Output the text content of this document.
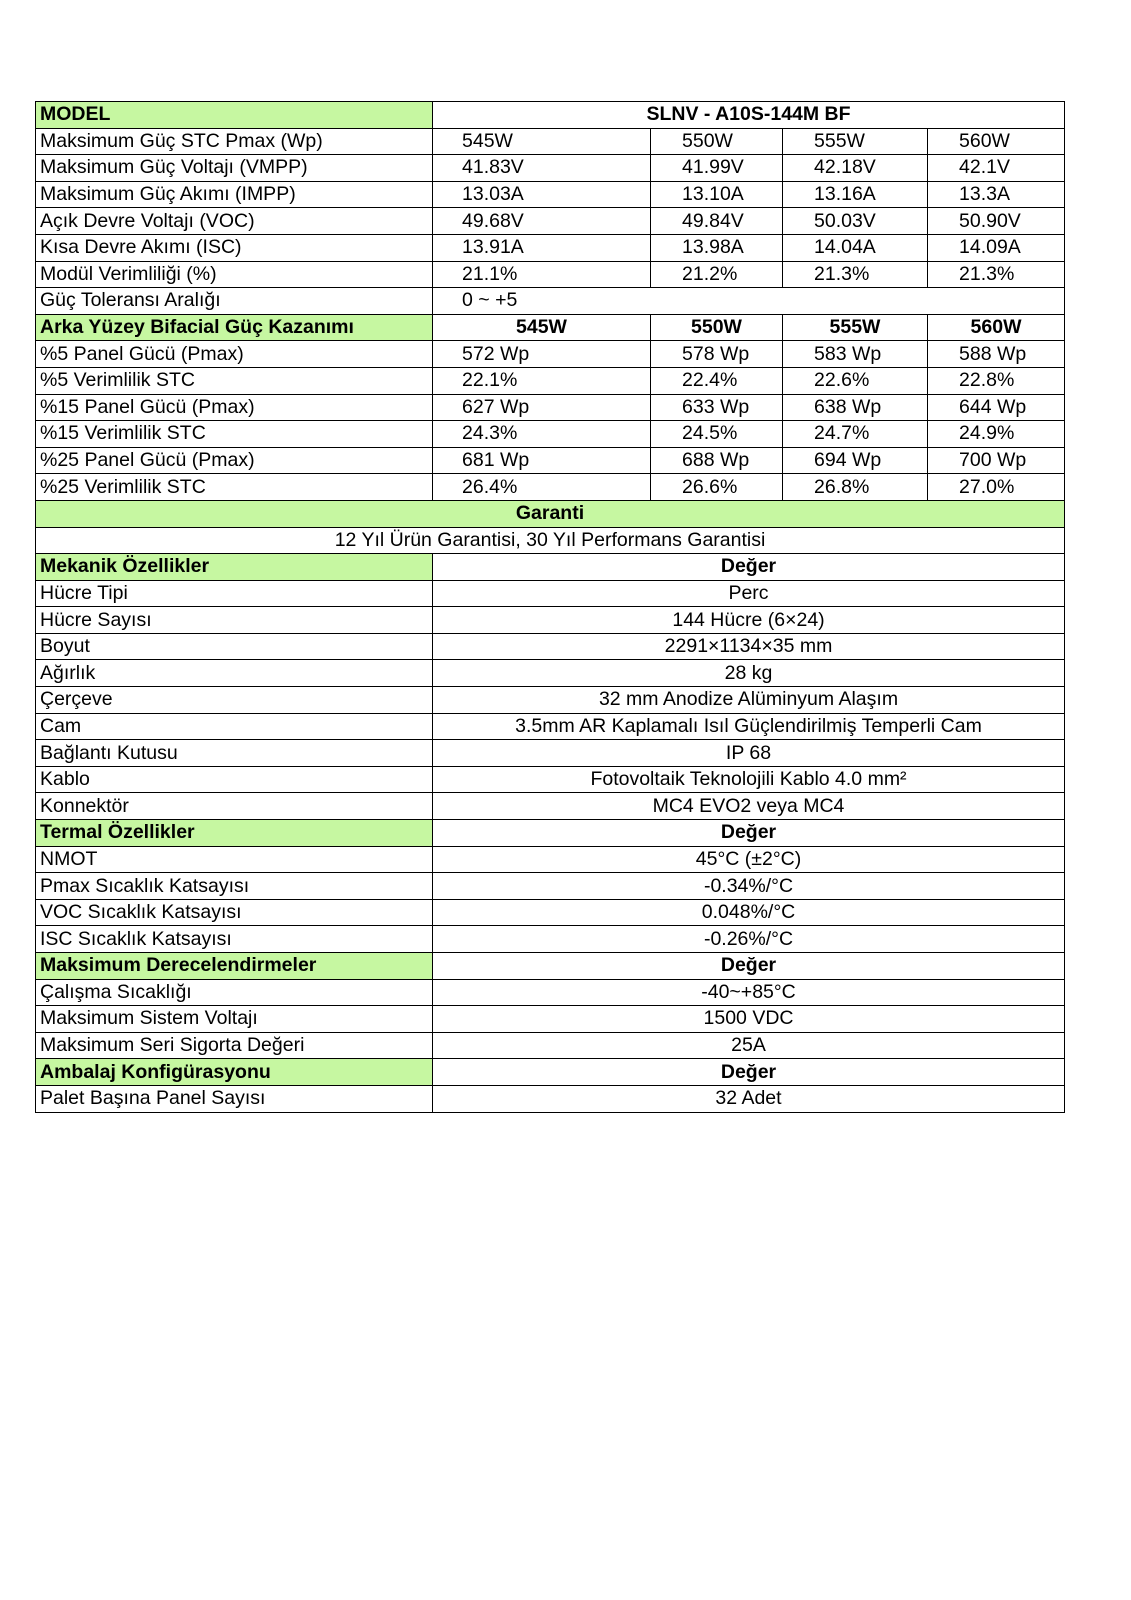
MODEL	SLNV - A10S-144M BF			
Maksimum Güç STC Pmax (Wp)	545W	550W	555W	560W
Maksimum Güç Voltajı (VMPP)	41.83V	41.99V	42.18V	42.1V
Maksimum Güç Akımı (IMPP)	13.03A	13.10A	13.16A	13.3A
Açık Devre Voltajı (VOC)	49.68V	49.84V	50.03V	50.90V
Kısa Devre Akımı (ISC)	13.91A	13.98A	14.04A	14.09A
Modül Verimliliği (%)	21.1%	21.2%	21.3%	21.3%
Güç Toleransı Aralığı	0 ~ +5			
Arka Yüzey Bifacial Güç Kazanımı	545W	550W	555W	560W
%5 Panel Gücü (Pmax)	572 Wp	578 Wp	583 Wp	588 Wp
%5 Verimlilik STC	22.1%	22.4%	22.6%	22.8%
%15 Panel Gücü (Pmax)	627 Wp	633 Wp	638 Wp	644 Wp
%15 Verimlilik STC	24.3%	24.5%	24.7%	24.9%
%25 Panel Gücü (Pmax)	681 Wp	688 Wp	694 Wp	700 Wp
%25 Verimlilik STC	26.4%	26.6%	26.8%	27.0%
Garanti				
12 Yıl Ürün Garantisi, 30 Yıl Performans Garantisi				
Mekanik Özellikler	Değer			
Hücre Tipi	Perc			
Hücre Sayısı	144 Hücre (6×24)			
Boyut	2291×1134×35 mm			
Ağırlık	28 kg			
Çerçeve	32 mm Anodize Alüminyum Alaşım			
Cam	3.5mm AR Kaplamalı Isıl Güçlendirilmiş Temperli Cam			
Bağlantı Kutusu	IP 68			
Kablo	Fotovoltaik Teknolojili Kablo 4.0 mm²			
Konnektör	MC4 EVO2 veya MC4			
Termal Özellikler	Değer			
NMOT	45°C (±2°C)			
Pmax Sıcaklık Katsayısı	-0.34%/°C			
VOC Sıcaklık Katsayısı	0.048%/°C			
ISC Sıcaklık Katsayısı	-0.26%/°C			
Maksimum Derecelendirmeler	Değer			
Çalışma Sıcaklığı	-40~+85°C			
Maksimum Sistem Voltajı	1500 VDC			
Maksimum Seri Sigorta Değeri	25A			
Ambalaj Konfigürasyonu	Değer			
Palet Başına Panel Sayısı	32 Adet			
